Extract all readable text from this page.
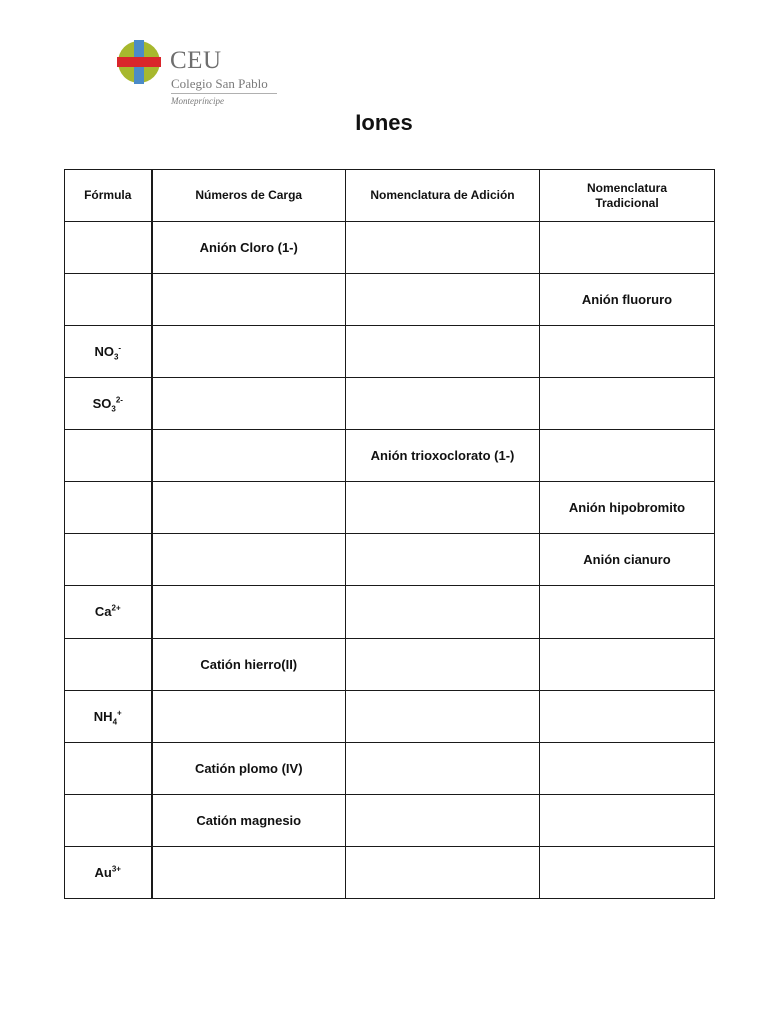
CEU
Colegio San Pablo
Montepríncipe
Iones
Fórmula	Números de Carga	Nomenclatura de Adición	Nomenclatura Tradicional
	Anión Cloro (1-)		
			Anión fluoruro
$NO_3^-$			
$SO_3^{2-}$			
		Anión trioxoclorato (1-)	
			Anión hipobromito
			Anión cianuro
$Ca^{2+}$			
	Catión hierro(II)		
$NH_4^+$			
	Catión plomo (IV)		
	Catión magnesio		
$Au^{3+}$			
